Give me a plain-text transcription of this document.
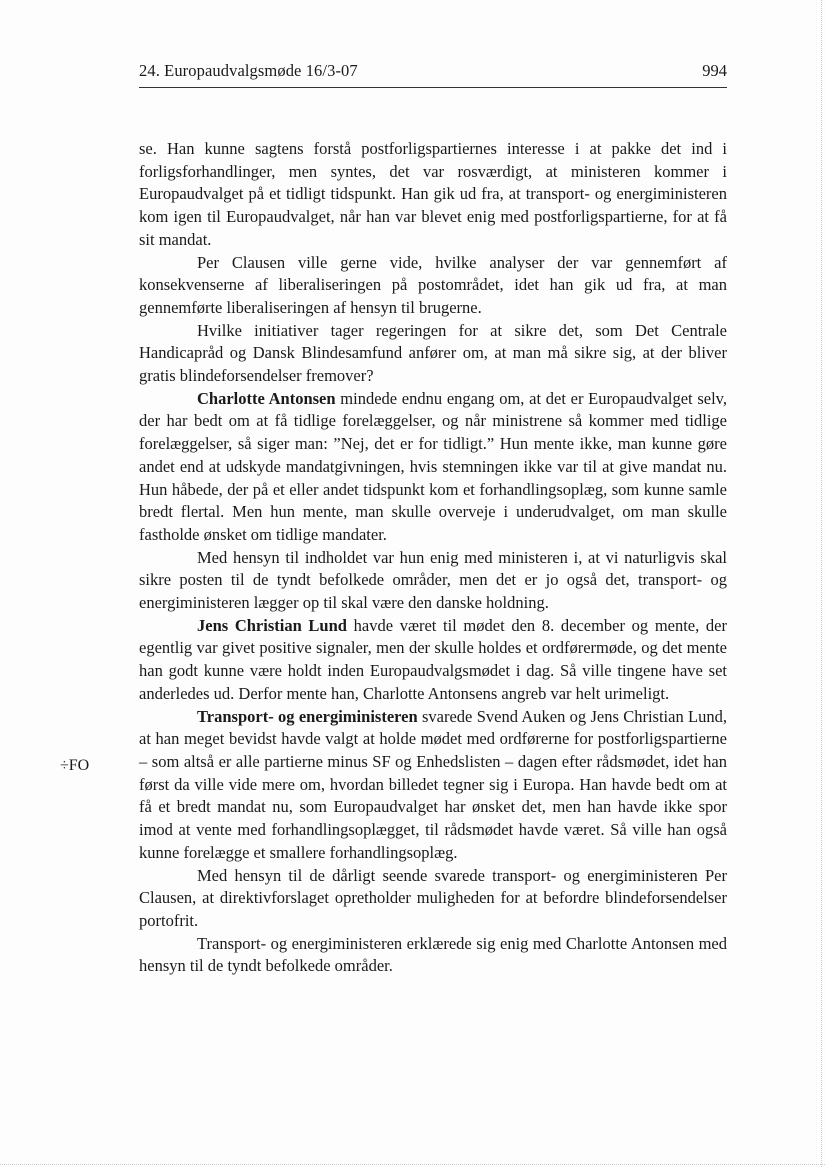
24. Europaudvalgsmøde 16/3-07	994
÷FO

se. Han kunne sagtens forstå postforligspartiernes interesse i at pakke det ind i forligsforhandlinger, men syntes, det var rosværdigt, at ministeren kommer i Europaudvalget på et tidligt tidspunkt. Han gik ud fra, at transport- og energiministeren kom igen til Europaudvalget, når han var blevet enig med postforligspartierne, for at få sit mandat.

Per Clausen ville gerne vide, hvilke analyser der var gennemført af konsekvenserne af liberaliseringen på postområdet, idet han gik ud fra, at man gennemførte liberaliseringen af hensyn til brugerne.

Hvilke initiativer tager regeringen for at sikre det, som Det Centrale Handicapråd og Dansk Blindesamfund anfører om, at man må sikre sig, at der bliver gratis blindeforsendelser fremover?

Charlotte Antonsen mindede endnu engang om, at det er Europaudvalget selv, der har bedt om at få tidlige forelæggelser, og når ministrene så kommer med tidlige forelæggelser, så siger man: ”Nej, det er for tidligt.” Hun mente ikke, man kunne gøre andet end at udskyde mandatgivningen, hvis stemningen ikke var til at give mandat nu. Hun håbede, der på et eller andet tidspunkt kom et forhandlingsoplæg, som kunne samle bredt flertal. Men hun mente, man skulle overveje i underudvalget, om man skulle fastholde ønsket om tidlige mandater.

Med hensyn til indholdet var hun enig med ministeren i, at vi naturligvis skal sikre posten til de tyndt befolkede områder, men det er jo også det, transport- og energiministeren lægger op til skal være den danske holdning.

Jens Christian Lund havde været til mødet den 8. december og mente, der egentlig var givet positive signaler, men der skulle holdes et ordførermøde, og det mente han godt kunne være holdt inden Europaudvalgsmødet i dag. Så ville tingene have set anderledes ud. Derfor mente han, Charlotte Antonsens angreb var helt urimeligt.

Transport- og energiministeren svarede Svend Auken og Jens Christian Lund, at han meget bevidst havde valgt at holde mødet med ordførerne for postforligspartierne – som altså er alle partierne minus SF og Enhedslisten – dagen efter rådsmødet, idet han først da ville vide mere om, hvordan billedet tegner sig i Europa. Han havde bedt om at få et bredt mandat nu, som Europaudvalget har ønsket det, men han havde ikke spor imod at vente med forhandlingsoplægget, til rådsmødet havde været. Så ville han også kunne forelægge et smallere forhandlingsoplæg.

Med hensyn til de dårligt seende svarede transport- og energiministeren Per Clausen, at direktivforslaget opretholder muligheden for at befordre blindeforsendelser portofrit.

Transport- og energiministeren erklærede sig enig med Charlotte Antonsen med hensyn til de tyndt befolkede områder.
